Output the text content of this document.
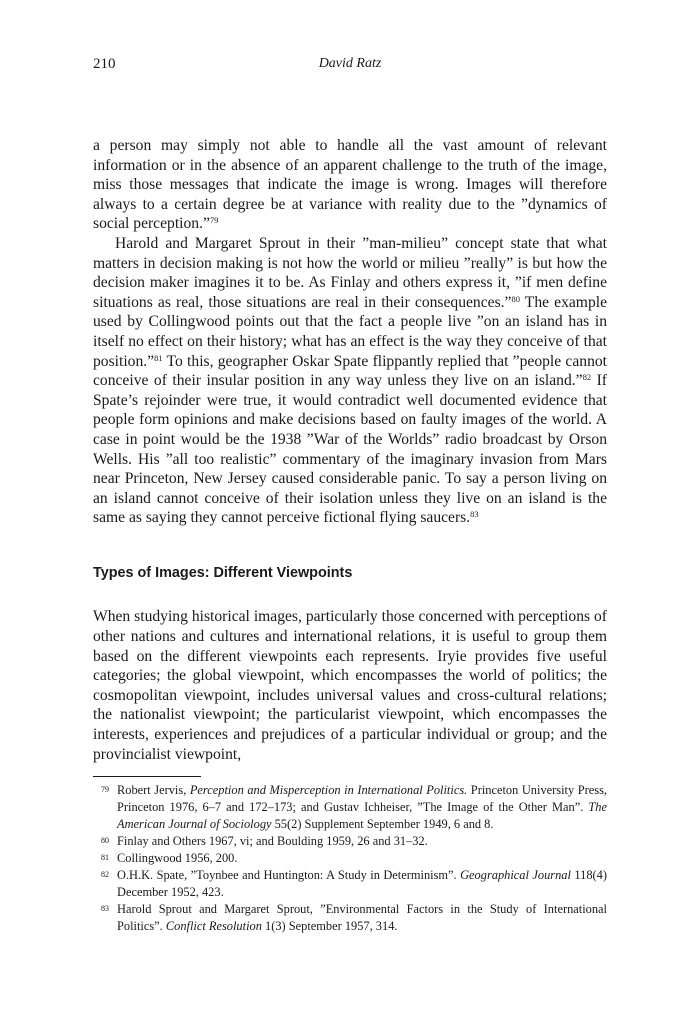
210	David Ratz

a person may simply not able to handle all the vast amount of relevant information or in the absence of an apparent challenge to the truth of the image, miss those messages that indicate the image is wrong. Images will therefore always to a certain degree be at variance with reality due to the ”dynamics of social perception.”$^{79}$

Harold and Margaret Sprout in their ”man-milieu” concept state that what matters in decision making is not how the world or milieu ”really” is but how the decision maker imagines it to be. As Finlay and others express it, ”if men define situations as real, those situations are real in their consequences.”$^{80}$ The example used by Collingwood points out that the fact a people live ”on an island has in itself no effect on their history; what has an effect is the way they conceive of that position.”$^{81}$ To this, geographer Oskar Spate flippantly replied that ”people cannot conceive of their insular position in any way unless they live on an island.”$^{82}$ If Spate’s rejoinder were true, it would contradict well documented evidence that people form opinions and make decisions based on faulty images of the world. A case in point would be the 1938 ”War of the Worlds” radio broadcast by Orson Wells. His ”all too realistic” commentary of the imaginary invasion from Mars near Princeton, New Jersey caused considerable panic. To say a person living on an island cannot conceive of their isolation unless they live on an island is the same as saying they cannot perceive fictional flying saucers.$^{83}$

Types of Images: Different Viewpoints

When studying historical images, particularly those concerned with perceptions of other nations and cultures and international relations, it is useful to group them based on the different viewpoints each represents. Iryie provides five useful categories; the global viewpoint, which encompasses the world of politics; the cosmopolitan viewpoint, includes universal values and cross-cultural relations; the nationalist viewpoint; the particularist viewpoint, which encompasses the interests, experiences and prejudices of a particular individual or group; and the provincialist viewpoint,

79 Robert Jervis, Perception and Misperception in International Politics. Princeton University Press, Princeton 1976, 6–7 and 172–173; and Gustav Ichheiser, ”The Image of the Other Man”. The American Journal of Sociology 55(2) Supplement September 1949, 6 and 8.
80 Finlay and Others 1967, vi; and Boulding 1959, 26 and 31–32.
81 Collingwood 1956, 200.
82 O.H.K. Spate, ”Toynbee and Huntington: A Study in Determinism”. Geographical Journal 118(4) December 1952, 423.
83 Harold Sprout and Margaret Sprout, ”Environmental Factors in the Study of International Politics”. Conflict Resolution 1(3) September 1957, 314.
